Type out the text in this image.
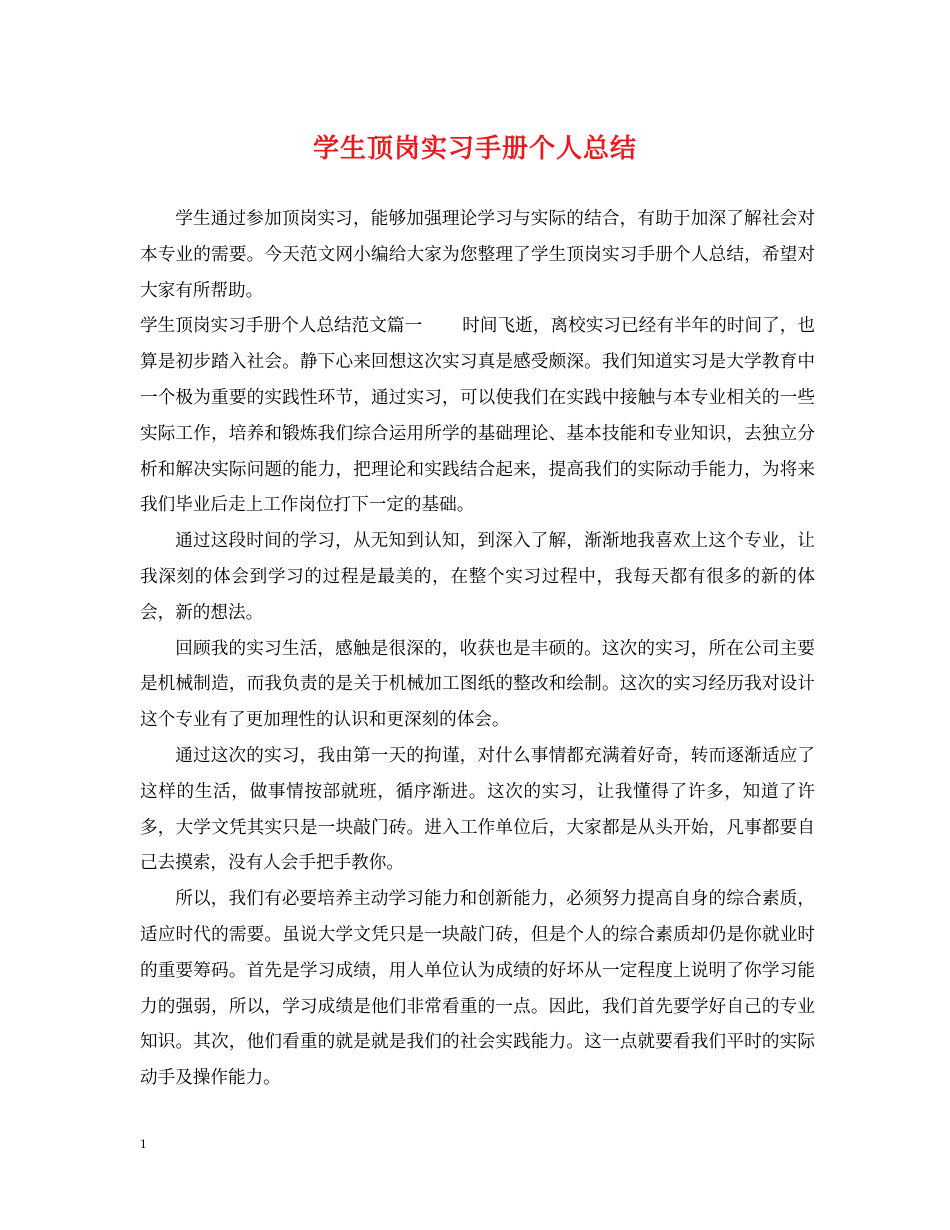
学生顶岗实习手册个人总结

学生通过参加顶岗实习，能够加强理论学习与实际的结合，有助于加深了解社会对本专业的需要。今天范文网小编给大家为您整理了学生顶岗实习手册个人总结，希望对大家有所帮助。

学生顶岗实习手册个人总结范文篇一 时间飞逝，离校实习已经有半年的时间了，也算是初步踏入社会。静下心来回想这次实习真是感受颇深。我们知道实习是大学教育中一个极为重要的实践性环节，通过实习，可以使我们在实践中接触与本专业相关的一些实际工作，培养和锻炼我们综合运用所学的基础理论、基本技能和专业知识，去独立分析和解决实际问题的能力，把理论和实践结合起来，提高我们的实际动手能力，为将来我们毕业后走上工作岗位打下一定的基础。

通过这段时间的学习，从无知到认知，到深入了解，渐渐地我喜欢上这个专业，让我深刻的体会到学习的过程是最美的，在整个实习过程中，我每天都有很多的新的体会，新的想法。

回顾我的实习生活，感触是很深的，收获也是丰硕的。这次的实习，所在公司主要是机械制造，而我负责的是关于机械加工图纸的整改和绘制。这次的实习经历我对设计这个专业有了更加理性的认识和更深刻的体会。

通过这次的实习，我由第一天的拘谨，对什么事情都充满着好奇，转而逐渐适应了这样的生活，做事情按部就班，循序渐进。这次的实习，让我懂得了许多，知道了许多，大学文凭其实只是一块敲门砖。进入工作单位后，大家都是从头开始，凡事都要自己去摸索，没有人会手把手教你。

所以，我们有必要培养主动学习能力和创新能力，必须努力提高自身的综合素质，适应时代的需要。虽说大学文凭只是一块敲门砖，但是个人的综合素质却仍是你就业时的重要筹码。首先是学习成绩，用人单位认为成绩的好坏从一定程度上说明了你学习能力的强弱，所以，学习成绩是他们非常看重的一点。因此，我们首先要学好自己的专业知识。其次，他们看重的就是就是我们的社会实践能力。这一点就要看我们平时的实际动手及操作能力。

1
